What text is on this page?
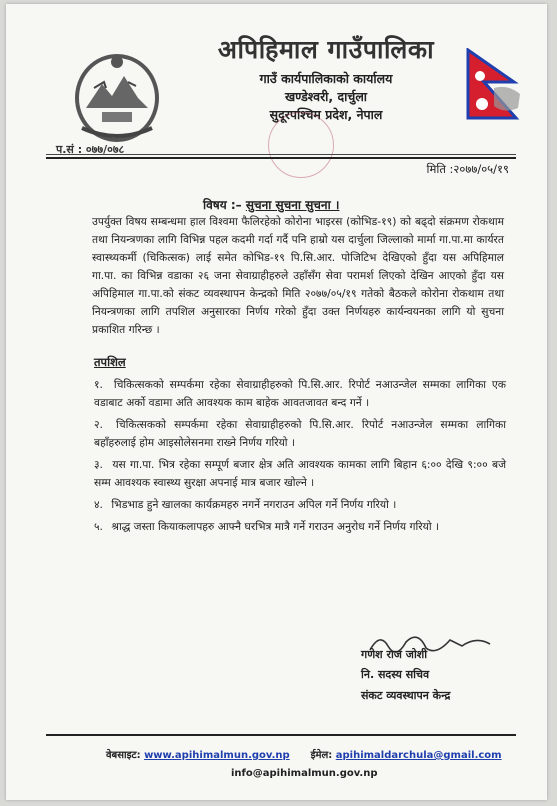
अपिहिमाल गाउँपालिका
गाउँ कार्यपालिकाको कार्यालय
खण्डेश्वरी, दार्चुला
सुदूरपश्चिम प्रदेश, नेपाल
प.सं : ०७७/०७८
मिति :२०७७/०५/१९
विषय :– सुचना सुचना सुचना ।
उपर्युक्त विषय सम्बन्धमा हाल विश्वमा फैलिरहेको कोरोना भाइरस (कोभिड-१९) को बढ्दो संक्रमण रोकथाम तथा नियन्त्रणका लागि विभिन्न पहल कदमी गर्दा गर्दै पनि हाम्रो यस दार्चुला जिल्लाको मार्मा गा.पा.मा कार्यरत स्वास्थ्यकर्मी (चिकित्सक) लाई समेत कोभिड-१९ पि.सि.आर. पोजिटिभ देखिएको हुँदा यस अपिहिमाल गा.पा. का विभिन्न वडाका २६ जना सेवाग्राहीहरुले उहाँसँग सेवा परामर्श लिएको देखिन आएको हुँदा यस अपिहिमाल गा.पा.को संकट व्यवस्थापन केन्द्रको मिति २०७७/०५/१९ गतेको बैठकले कोरोना रोकथाम तथा नियन्त्रणका लागि तपशिल अनुसारका निर्णय गरेको हुँदा उक्त निर्णयहरु कार्यन्वयनका लागि यो सुचना प्रकाशित गरिन्छ ।
तपशिल
१. चिकित्सकको सम्पर्कमा रहेका सेवाग्राहीहरुको पि.सि.आर. रिपोर्ट नआउन्जेल सम्मका लागिका एक वडाबाट अर्को वडामा अति आवश्यक काम बाहेक आवतजावत बन्द गर्ने ।
२. चिकित्सकको सम्पर्कमा रहेका सेवाग्राहीहरुको पि.सि.आर. रिपोर्ट नआउन्जेल सम्मका लागिका बहाँहरुलाई होम आइसोलेसनमा राख्ने निर्णय गरियो ।
३. यस गा.पा. भित्र रहेका सम्पूर्ण बजार क्षेत्र अति आवश्यक कामका लागि बिहान ६:०० देखि ९:०० बजे सम्म आवश्यक स्वास्थ्य सुरक्षा अपनाई मात्र बजार खोल्ने ।
४. भिडभाड हुने खालका कार्यक्रमहरु नगर्ने नगराउन अपिल गर्ने निर्णय गरियो ।
५. श्राद्ध जस्ता कियाकलापहरु आफ्नै घरभित्र मात्रै गर्ने गराउन अनुरोध गर्ने निर्णय गरियो ।
गणेश राज जोशी
नि. सदस्य सचिव
संकट व्यवस्थापन केन्द्र
वेबसाइट: www.apihimalmun.gov.np ईमेल: apihimaldarchula@gmail.com
info@apihimalmun.gov.np
